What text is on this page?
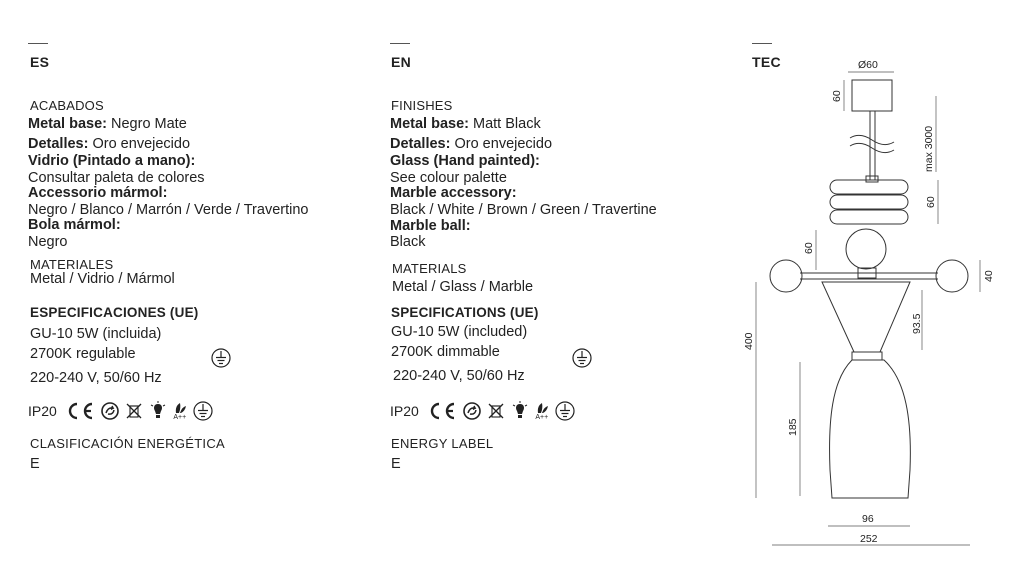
ES
ACABADOS
Metal base: Negro Mate
Detalles: Oro envejecido
Vidrio (Pintado a mano):
Consultar paleta de colores
Accessorio mármol:
Negro / Blanco / Marrón / Verde / Travertino
Bola mármol:
Negro
MATERIALES
Metal / Vidrio / Mármol
ESPECIFICACIONES (UE)
GU-10 5W (incluida)
2700K regulable
220-240 V, 50/60 Hz
IP20	A++
CLASIFICACIÓN ENERGÉTICA
E
EN
FINISHES
Metal base: Matt Black
Detalles: Oro envejecido
Glass (Hand painted):
See colour palette
Marble accessory:
Black / White / Brown / Green / Travertine
Marble ball:
Black
MATERIALS
Metal / Glass / Marble
SPECIFICATIONS (UE)
GU-10 5W (included)
2700K dimmable
220-240 V, 50/60 Hz
IP20	A++
ENERGY LABEL
E
TEC	Ø60
60
max 3000
60
60
40
400
93.5
185
96
252
